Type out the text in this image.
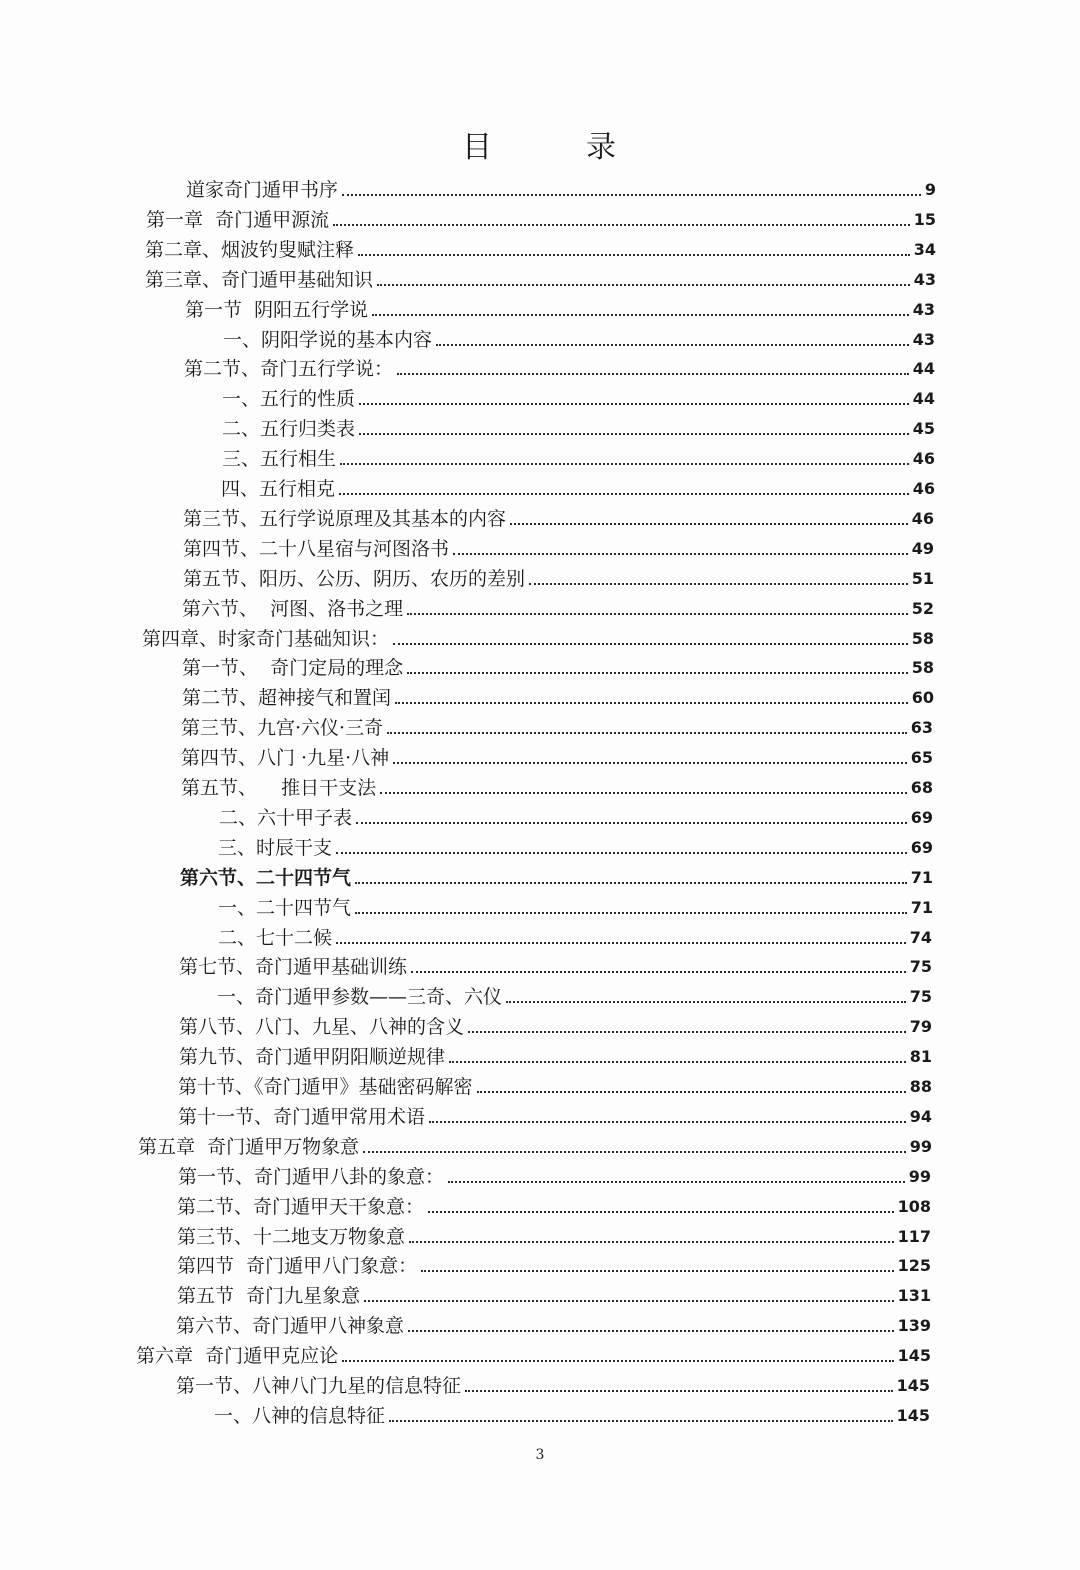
目	录
道家奇门遁甲书序	9
第一章  奇门遁甲源流	15
第二章、烟波钓叟赋注释	34
第三章、奇门遁甲基础知识	43
第一节  阴阳五行学说	43
一、阴阳学说的基本内容	43
第二节、奇门五行学说：	44
一、五行的性质	44
二、五行归类表	45
三、五行相生	46
四、五行相克	46
第三节、五行学说原理及其基本的内容	46
第四节、二十八星宿与河图洛书	49
第五节、阳历、公历、阴历、农历的差别	51
第六节、  河图、洛书之理	52
第四章、时家奇门基础知识：	58
第一节、  奇门定局的理念	58
第二节、超神接气和置闰	60
第三节、九宫·六仪·三奇	63
第四节、八门 ·九星·八神	65
第五节、    推日干支法	68
二、六十甲子表	69
三、时辰干支	69
第六节、二十四节气	71
一、二十四节气	71
二、七十二候	74
第七节、奇门遁甲基础训练	75
一、奇门遁甲参数——三奇、六仪	75
第八节、八门、九星、八神的含义	79
第九节、奇门遁甲阴阳顺逆规律	81
第十节、《奇门遁甲》基础密码解密	88
第十一节、奇门遁甲常用术语	94
第五章  奇门遁甲万物象意	99
第一节、奇门遁甲八卦的象意：	99
第二节、奇门遁甲天干象意：	108
第三节、十二地支万物象意	117
第四节  奇门遁甲八门象意：	125
第五节  奇门九星象意	131
第六节、奇门遁甲八神象意	139
第六章  奇门遁甲克应论	145
第一节、八神八门九星的信息特征	145
一、八神的信息特征	145
3
